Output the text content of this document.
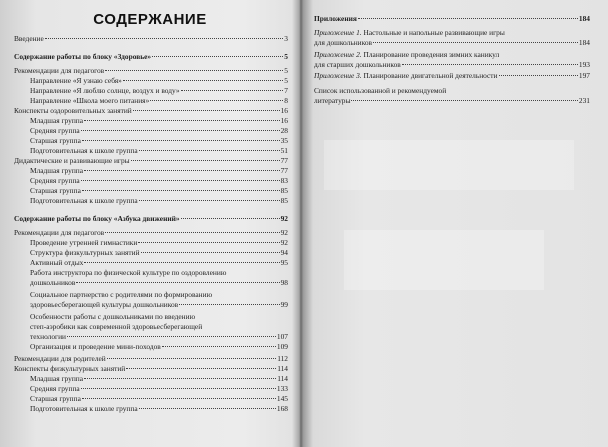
СОДЕРЖАНИЕ
Введение	3
Содержание работы по блоку «Здоровье»	5
Рекомендации для педагогов	5
Направление «Я узнаю себя»	5
Направление «Я люблю солнце, воздух и воду»	7
Направление «Школа моего питания»	8
Конспекты оздоровительных занятий	16
Младшая группа	16
Средняя группа	28
Старшая группа	35
Подготовительная к школе группа	51
Дидактические и развивающие игры	77
Младшая группа	77
Средняя группа	83
Старшая группа	85
Подготовительная к школе группа	85
Содержание работы по блоку «Азбука движений»	92
Рекомендации для педагогов	92
Проведение утренней гимнастики	92
Структура физкультурных занятий	94
Активный отдых	95
Работа инструктора по физической культуре по оздоровлению
дошкольников	98
Социальное партнерство с родителями по формированию
здоровьесберегающей культуры дошкольников	99
Особенности работы с дошкольниками по введению
степ-аэробики как современной здоровьесберегающей
технологии	107
Организация и проведение мини-походов	109
Рекомендации для родителей	112
Конспекты физкультурных занятий	114
Младшая группа	114
Средняя группа	133
Старшая группа	145
Подготовительная к школе группа	168
Приложения	184
Приложение 1. Настольные и напольные развивающие игры
для дошкольников	184
Приложение 2. Планирование проведения зимних каникул
для старших дошкольников	193
Приложение 3. Планирование двигательной деятельности	197
Список использованной и рекомендуемой
литературы	231
